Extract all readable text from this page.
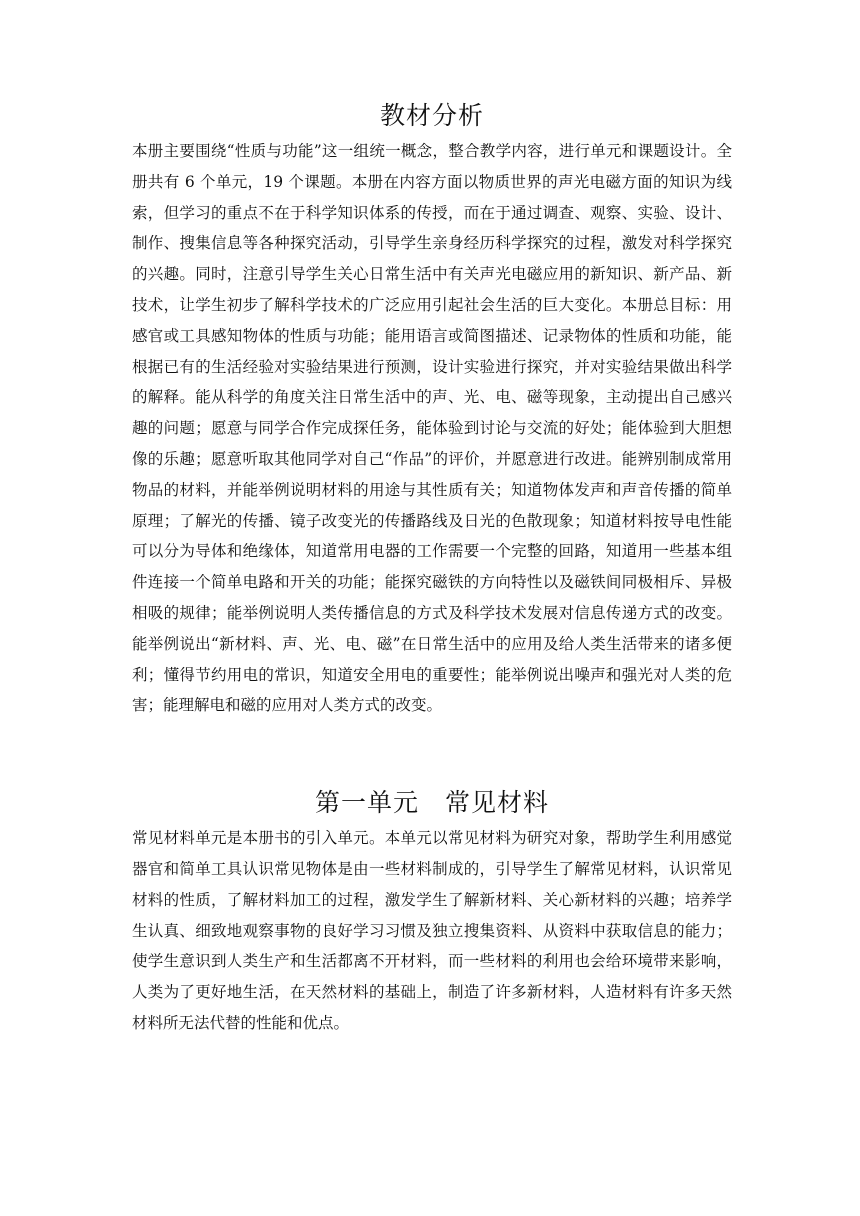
教材分析

本册主要围绕“性质与功能”这一组统一概念，整合教学内容，进行单元和课题设计。全册共有 6 个单元，19 个课题。本册在内容方面以物质世界的声光电磁方面的知识为线索，但学习的重点不在于科学知识体系的传授，而在于通过调查、观察、实验、设计、制作、搜集信息等各种探究活动，引导学生亲身经历科学探究的过程，激发对科学探究的兴趣。同时，注意引导学生关心日常生活中有关声光电磁应用的新知识、新产品、新技术，让学生初步了解科学技术的广泛应用引起社会生活的巨大变化。本册总目标：用感官或工具感知物体的性质与功能；能用语言或简图描述、记录物体的性质和功能，能根据已有的生活经验对实验结果进行预测，设计实验进行探究，并对实验结果做出科学的解释。能从科学的角度关注日常生活中的声、光、电、磁等现象，主动提出自己感兴趣的问题；愿意与同学合作完成探任务，能体验到讨论与交流的好处；能体验到大胆想像的乐趣；愿意听取其他同学对自己“作品”的评价，并愿意进行改进。能辨别制成常用物品的材料，并能举例说明材料的用途与其性质有关；知道物体发声和声音传播的简单原理；了解光的传播、镜子改变光的传播路线及日光的色散现象；知道材料按导电性能可以分为导体和绝缘体，知道常用电器的工作需要一个完整的回路，知道用一些基本组件连接一个简单电路和开关的功能；能探究磁铁的方向特性以及磁铁间同极相斥、异极相吸的规律；能举例说明人类传播信息的方式及科学技术发展对信息传递方式的改变。能举例说出“新材料、声、光、电、磁”在日常生活中的应用及给人类生活带来的诸多便利；懂得节约用电的常识，知道安全用电的重要性；能举例说出噪声和强光对人类的危害；能理解电和磁的应用对人类方式的改变。

第一单元　常见材料

常见材料单元是本册书的引入单元。本单元以常见材料为研究对象，帮助学生利用感觉器官和简单工具认识常见物体是由一些材料制成的，引导学生了解常见材料，认识常见材料的性质，了解材料加工的过程，激发学生了解新材料、关心新材料的兴趣；培养学生认真、细致地观察事物的良好学习习惯及独立搜集资料、从资料中获取信息的能力；使学生意识到人类生产和生活都离不开材料，而一些材料的利用也会给环境带来影响，人类为了更好地生活，在天然材料的基础上，制造了许多新材料，人造材料有许多天然材料所无法代替的性能和优点。
